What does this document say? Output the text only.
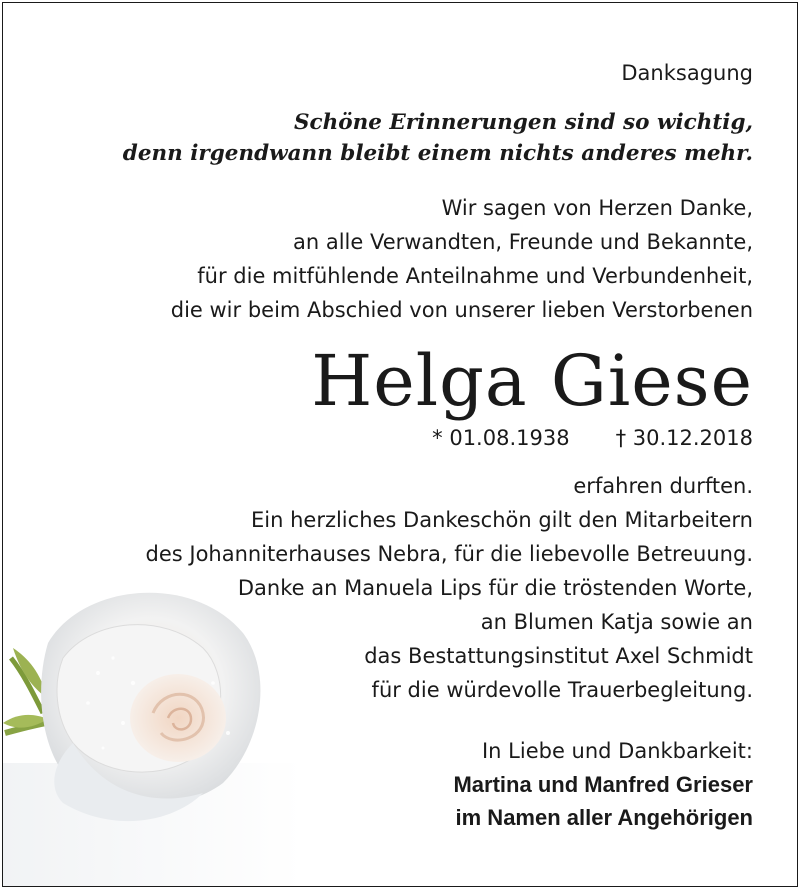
Danksagung
Schöne Erinnerungen sind so wichtig,
denn irgendwann bleibt einem nichts anderes mehr.
Wir sagen von Herzen Danke,
an alle Verwandten, Freunde und Bekannte,
für die mitfühlende Anteilnahme und Verbundenheit,
die wir beim Abschied von unserer lieben Verstorbenen
Helga Giese
* 01.08.1938 † 30.12.2018
erfahren durften.
Ein herzliches Dankeschön gilt den Mitarbeitern
des Johanniterhauses Nebra, für die liebevolle Betreuung.
Danke an Manuela Lips für die tröstenden Worte,
an Blumen Katja sowie an
das Bestattungsinstitut Axel Schmidt
für die würdevolle Trauerbegleitung.
In Liebe und Dankbarkeit:
Martina und Manfred Grieser
im Namen aller Angehörigen
